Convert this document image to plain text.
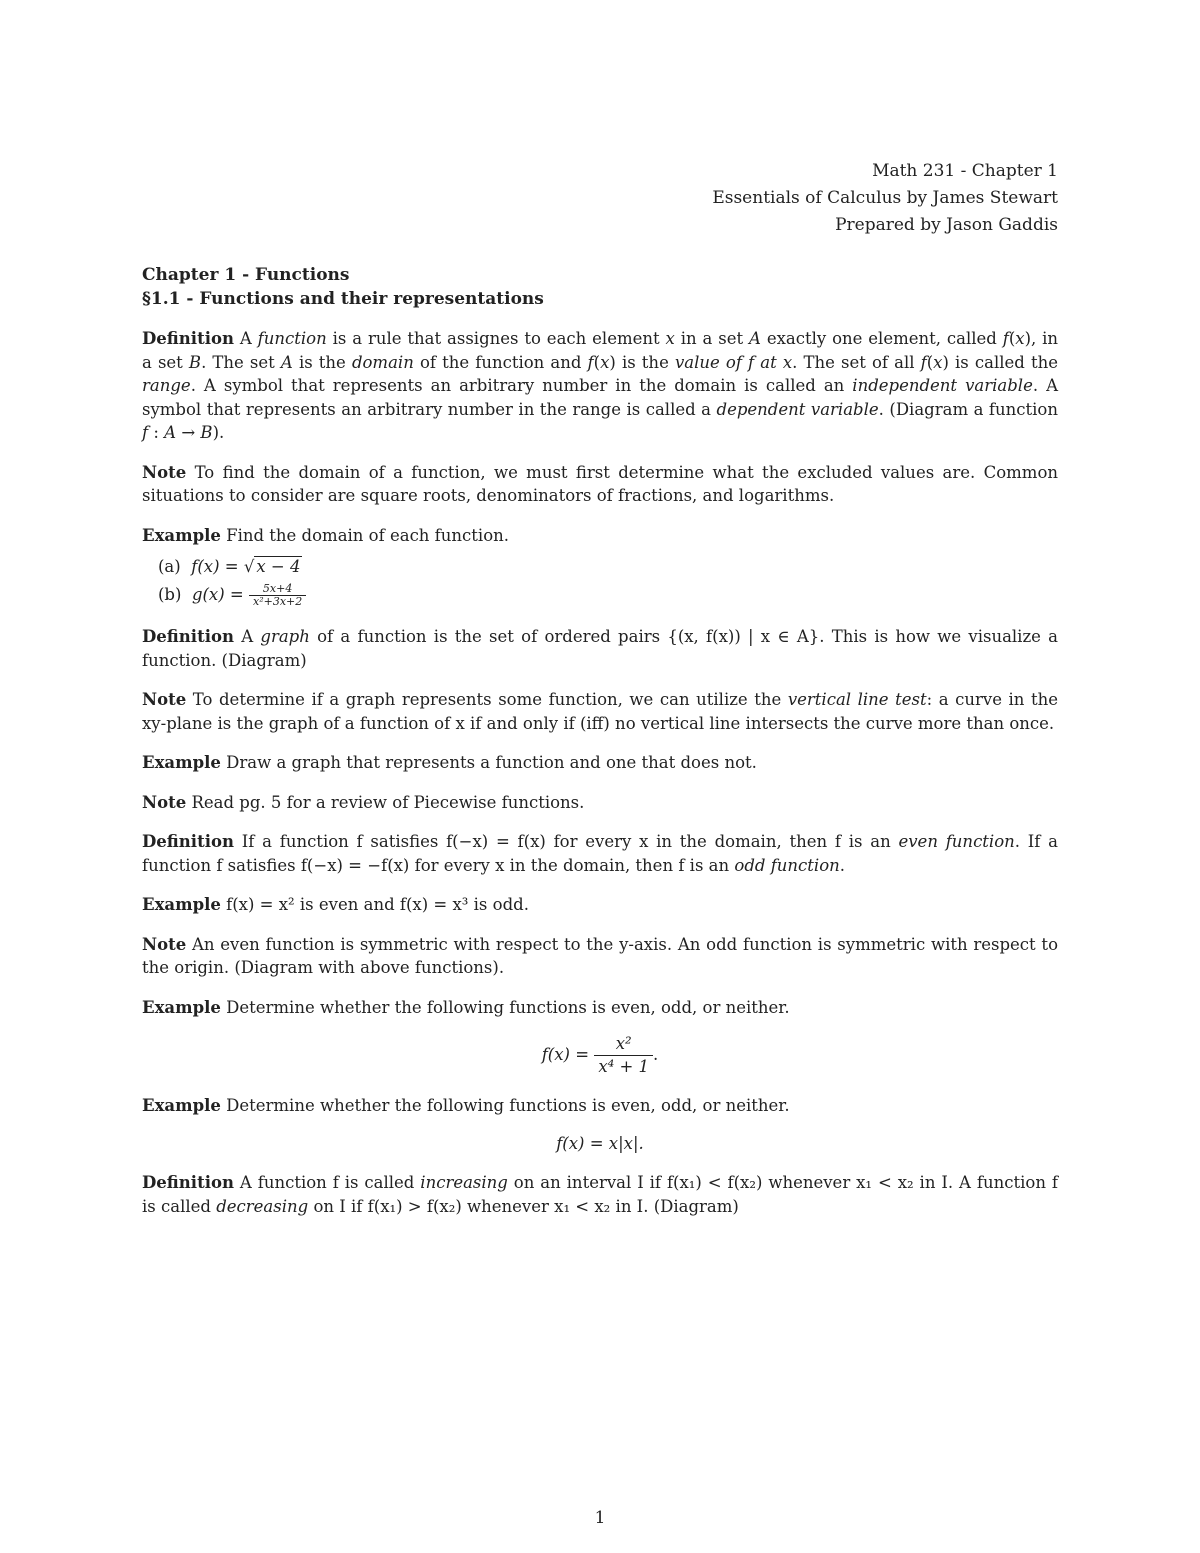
Math 231 - Chapter 1
Essentials of Calculus by James Stewart
Prepared by Jason Gaddis
Chapter 1 - Functions
§1.1 - Functions and their representations
Definition A function is a rule that assignes to each element x in a set A exactly one element, called f(x), in a set B. The set A is the domain of the function and f(x) is the value of f at x. The set of all f(x) is called the range. A symbol that represents an arbitrary number in the domain is called an independent variable. A symbol that represents an arbitrary number in the range is called a dependent variable. (Diagram a function f : A → B).
Note To find the domain of a function, we must first determine what the excluded values are. Common situations to consider are square roots, denominators of fractions, and logarithms.
Example Find the domain of each function.
(a) f(x) = √ x − 4
(b) $g(x) = \frac{5x+4}{\text{x²+3x+2}}$
Definition A graph of a function is the set of ordered pairs {(x, f(x)) | x ∈ A}. This is how we visualize a function. (Diagram)
Note To determine if a graph represents some function, we can utilize the vertical line test: a curve in the xy-plane is the graph of a function of x if and only if (iff) no vertical line intersects the curve more than once.
Example Draw a graph that represents a function and one that does not.
Note Read pg. 5 for a review of Piecewise functions.
Definition If a function f satisfies f(−x) = f(x) for every x in the domain, then f is an even function. If a function f satisfies f(−x) = −f(x) for every x in the domain, then f is an odd function.
Example f(x) = x² is even and f(x) = x³ is odd.
Note An even function is symmetric with respect to the y-axis. An odd function is symmetric with respect to the origin. (Diagram with above functions).
Example Determine whether the following functions is even, odd, or neither.
$f(x) = \frac{\text{x²}}{\text{x⁴ + 1}}$ .
Example Determine whether the following functions is even, odd, or neither.
f(x) = x|x|.
Definition A function f is called increasing on an interval I if f(x₁) < f(x₂) whenever x₁ < x₂ in I. A function f is called decreasing on I if f(x₁) > f(x₂) whenever x₁ < x₂ in I. (Diagram)
1
